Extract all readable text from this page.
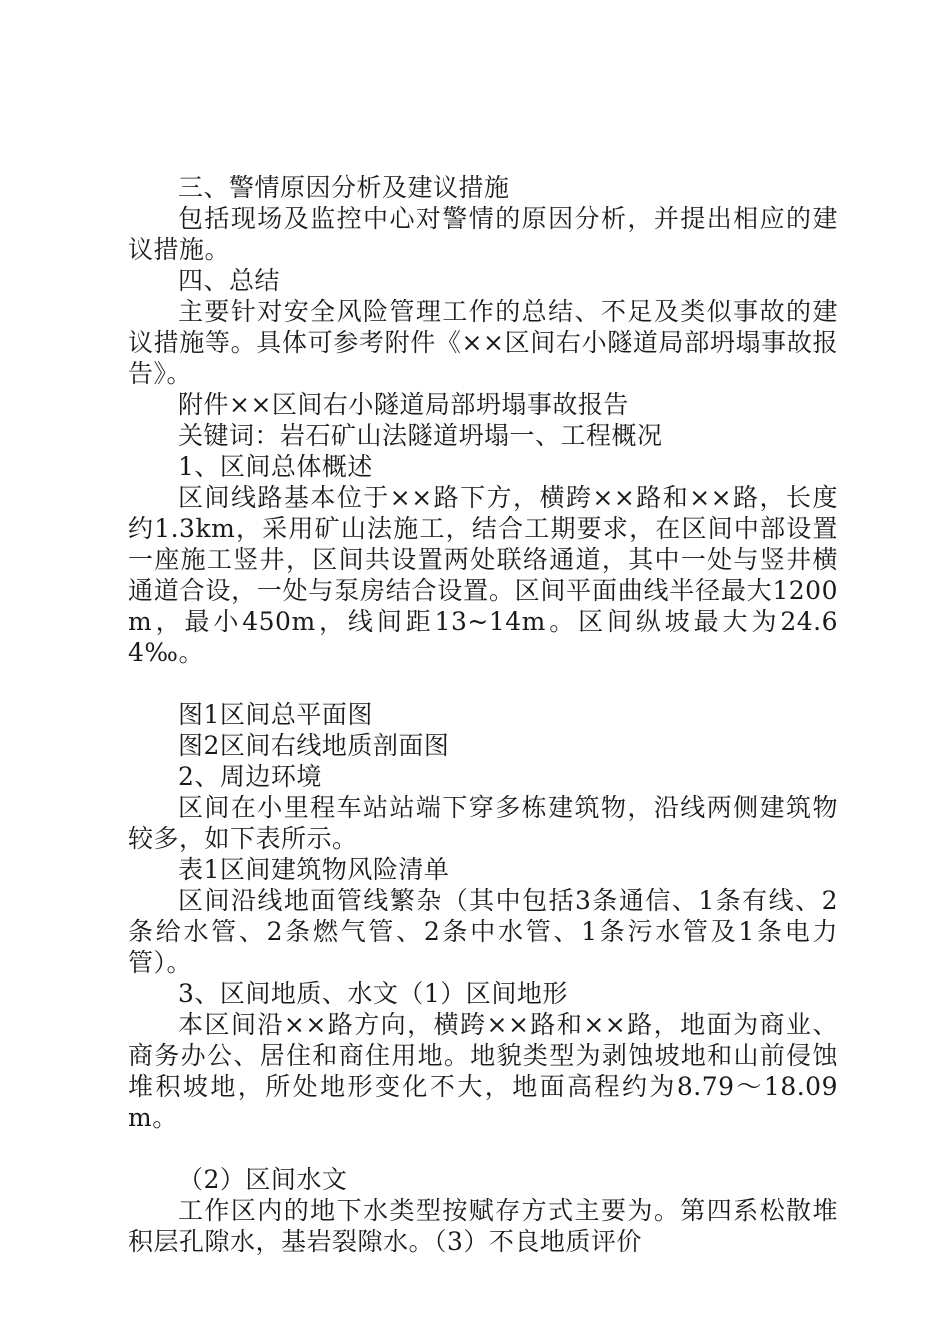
三、警情原因分析及建议措施

包括现场及监控中心对警情的原因分析，并提出相应的建议措施。

四、总结

主要针对安全风险管理工作的总结、不足及类似事故的建议措施等。具体可参考附件《××区间右小隧道局部坍塌事故报告》。

附件××区间右小隧道局部坍塌事故报告

关键词：岩石矿山法隧道坍塌一、工程概况

1、区间总体概述

区间线路基本位于××路下方，横跨××路和××路，长度约1.3km，采用矿山法施工，结合工期要求，在区间中部设置一座施工竖井，区间共设置两处联络通道，其中一处与竖井横通道合设，一处与泵房结合设置。区间平面曲线半径最大1200m，最小450m，线间距13~14m。区间纵坡最大为24.64‰。

图1区间总平面图

图2区间右线地质剖面图

2、周边环境

区间在小里程车站站端下穿多栋建筑物，沿线两侧建筑物较多，如下表所示。

表1区间建筑物风险清单

区间沿线地面管线繁杂（其中包括3条通信、1条有线、2条给水管、2条燃气管、2条中水管、1条污水管及1条电力管）。

3、区间地质、水文（1）区间地形

本区间沿××路方向，横跨××路和××路，地面为商业、商务办公、居住和商住用地。地貌类型为剥蚀坡地和山前侵蚀堆积坡地，所处地形变化不大，地面高程约为8.79～18.09m。

（2）区间水文

工作区内的地下水类型按赋存方式主要为。第四系松散堆积层孔隙水，基岩裂隙水。（3）不良地质评价
